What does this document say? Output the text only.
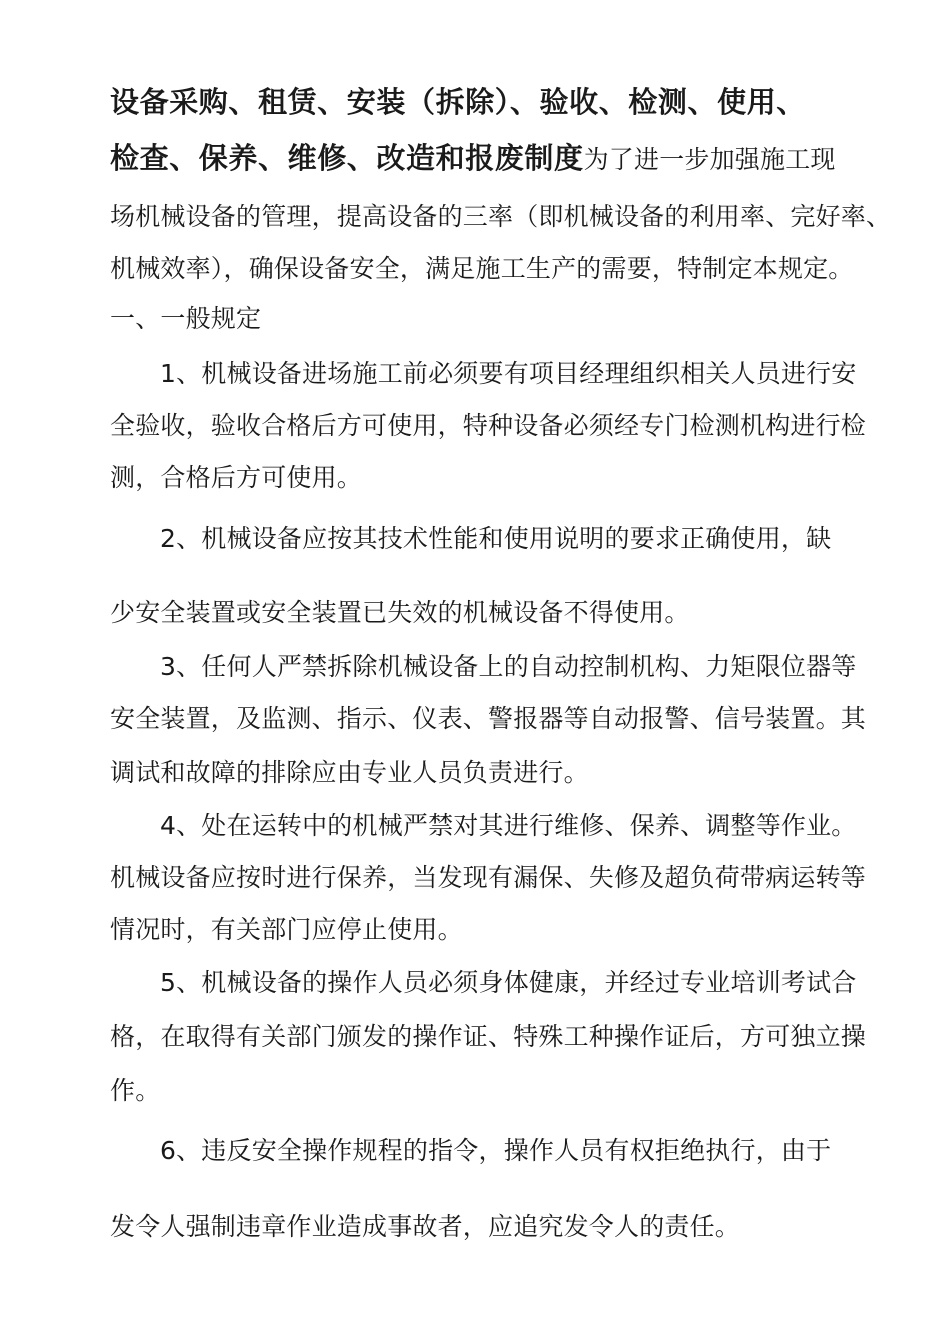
设备采购、租赁、安装（拆除）、验收、检测、使用、
检查、保养、维修、改造和报废制度为了进一步加强施工现
场机械设备的管理，提高设备的三率（即机械设备的利用率、完好率、
机械效率），确保设备安全，满足施工生产的需要，特制定本规定。
一、一般规定
1、机械设备进场施工前必须要有项目经理组织相关人员进行安
全验收，验收合格后方可使用，特种设备必须经专门检测机构进行检
测，合格后方可使用。
2、机械设备应按其技术性能和使用说明的要求正确使用，缺
少安全装置或安全装置已失效的机械设备不得使用。
3、任何人严禁拆除机械设备上的自动控制机构、力矩限位器等
安全装置，及监测、指示、仪表、警报器等自动报警、信号装置。其
调试和故障的排除应由专业人员负责进行。
4、处在运转中的机械严禁对其进行维修、保养、调整等作业。
机械设备应按时进行保养，当发现有漏保、失修及超负荷带病运转等
情况时，有关部门应停止使用。
5、机械设备的操作人员必须身体健康，并经过专业培训考试合
格，在取得有关部门颁发的操作证、特殊工种操作证后，方可独立操
作。
6、违反安全操作规程的指令，操作人员有权拒绝执行，由于
发令人强制违章作业造成事故者，应追究发令人的责任。
